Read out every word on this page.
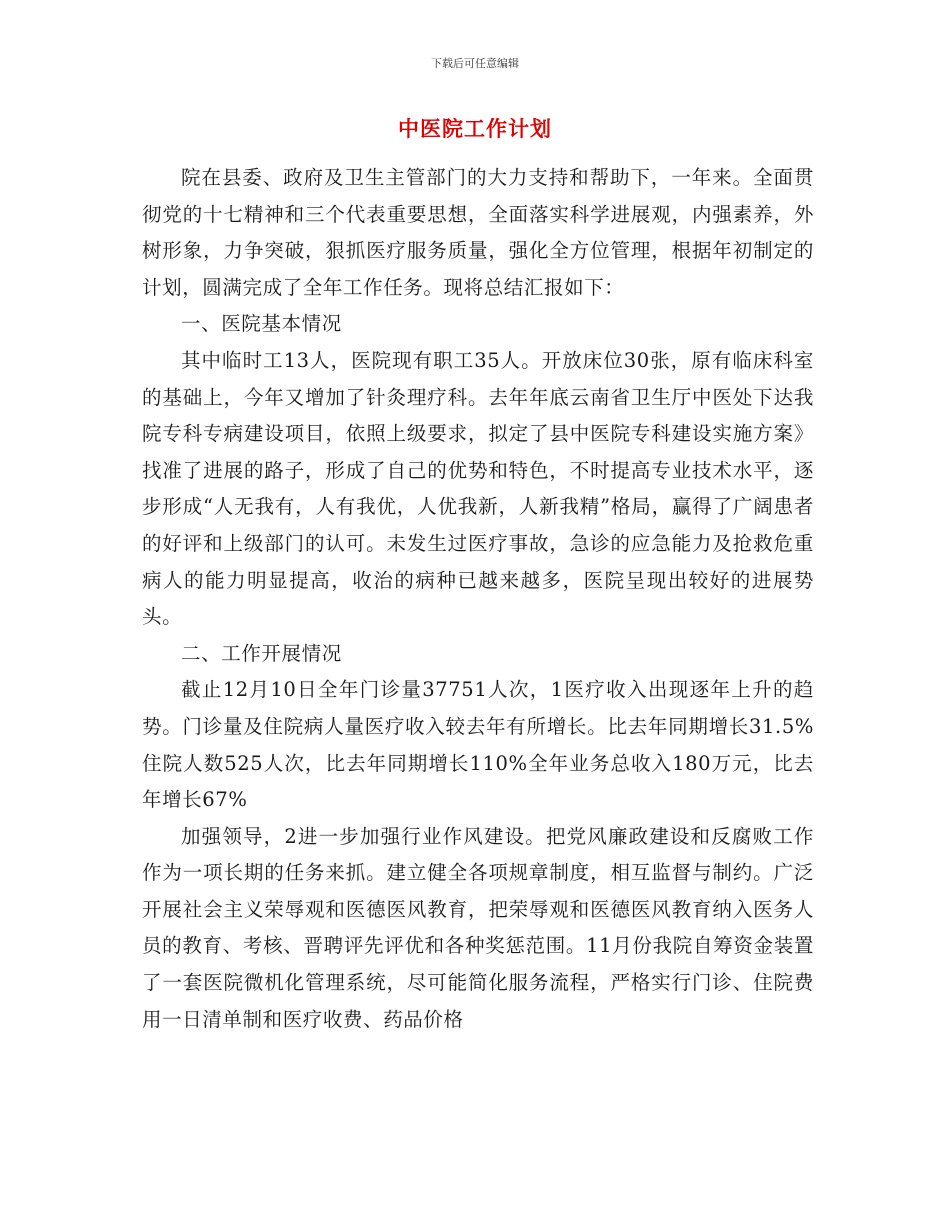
下载后可任意编辑
中医院工作计划

院在县委、政府及卫生主管部门的大力支持和帮助下，一年来。全面贯彻党的十七精神和三个代表重要思想，全面落实科学进展观，内强素养，外树形象，力争突破，狠抓医疗服务质量，强化全方位管理，根据年初制定的计划，圆满完成了全年工作任务。现将总结汇报如下：

一、医院基本情况

其中临时工13人，医院现有职工35人。开放床位30张，原有临床科室的基础上，今年又增加了针灸理疗科。去年年底云南省卫生厅中医处下达我院专科专病建设项目，依照上级要求，拟定了县中医院专科建设实施方案》找准了进展的路子，形成了自己的优势和特色，不时提高专业技术水平，逐步形成“人无我有，人有我优，人优我新，人新我精”格局，赢得了广阔患者的好评和上级部门的认可。未发生过医疗事故，急诊的应急能力及抢救危重病人的能力明显提高，收治的病种已越来越多，医院呈现出较好的进展势头。

二、工作开展情况

截止12月10日全年门诊量37751人次，1医疗收入出现逐年上升的趋势。门诊量及住院病人量医疗收入较去年有所增长。比去年同期增长31.5%住院人数525人次，比去年同期增长110%全年业务总收入180万元，比去年增长67%

加强领导，2进一步加强行业作风建设。把党风廉政建设和反腐败工作作为一项长期的任务来抓。建立健全各项规章制度，相互监督与制约。广泛开展社会主义荣辱观和医德医风教育，把荣辱观和医德医风教育纳入医务人员的教育、考核、晋聘评先评优和各种奖惩范围。11月份我院自筹资金装置了一套医院微机化管理系统，尽可能简化服务流程，严格实行门诊、住院费用一日清单制和医疗收费、药品价格
